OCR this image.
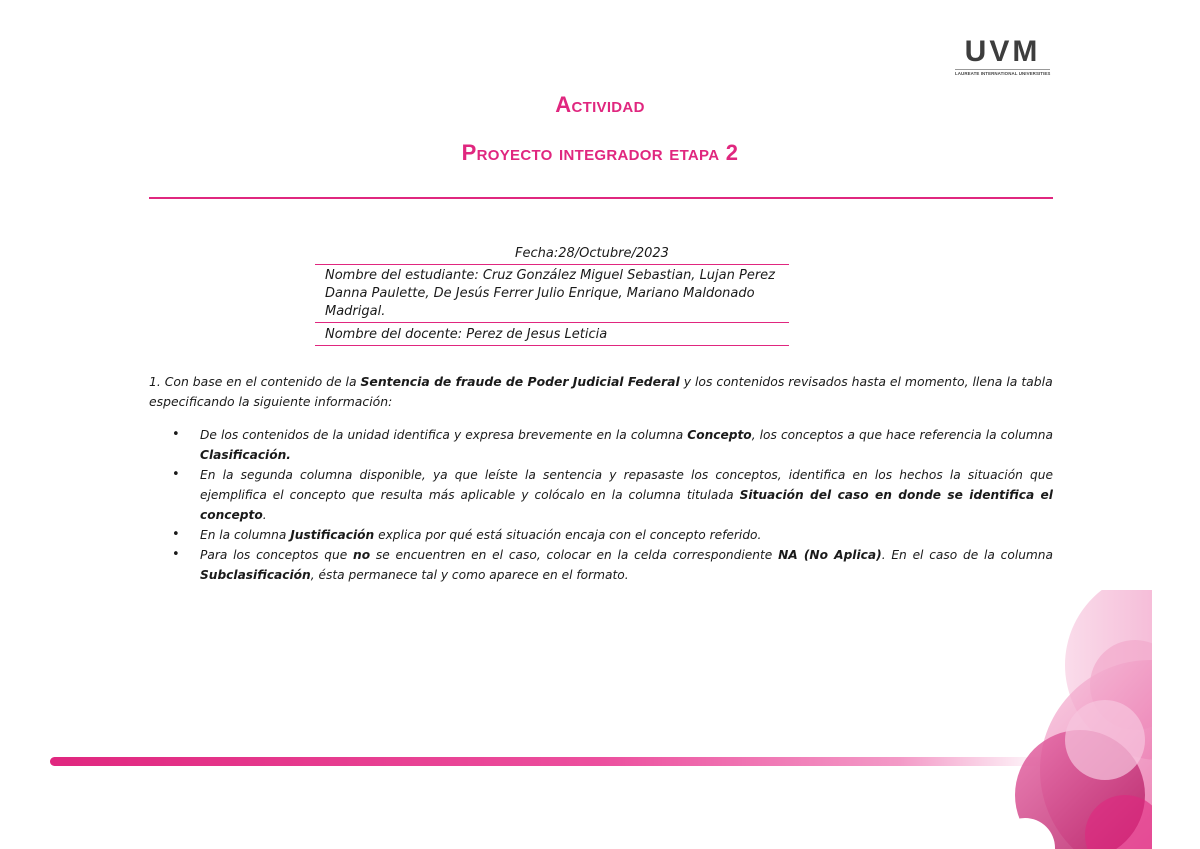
UVM
LAUREATE INTERNATIONAL UNIVERSITIES
Actividad
Proyecto integrador etapa 2
Fecha:28/Octubre/2023
Nombre del estudiante: Cruz González Miguel Sebastian, Lujan Perez
Danna Paulette, De Jesús Ferrer Julio Enrique, Mariano Maldonado
Madrigal.
Nombre del docente: Perez de Jesus Leticia
1. Con base en el contenido de la Sentencia de fraude de Poder Judicial Federal y los contenidos revisados hasta el momento, llena la tabla especificando la siguiente información:
• De los contenidos de la unidad identifica y expresa brevemente en la columna Concepto, los conceptos a que hace referencia la columna Clasificación.
• En la segunda columna disponible, ya que leíste la sentencia y repasaste los conceptos, identifica en los hechos la situación que ejemplifica el concepto que resulta más aplicable y colócalo en la columna titulada Situación del caso en donde se identifica el concepto.
• En la columna Justificación explica por qué está situación encaja con el concepto referido.
• Para los conceptos que no se encuentren en el caso, colocar en la celda correspondiente NA (No Aplica). En el caso de la columna Subclasificación, ésta permanece tal y como aparece en el formato.
